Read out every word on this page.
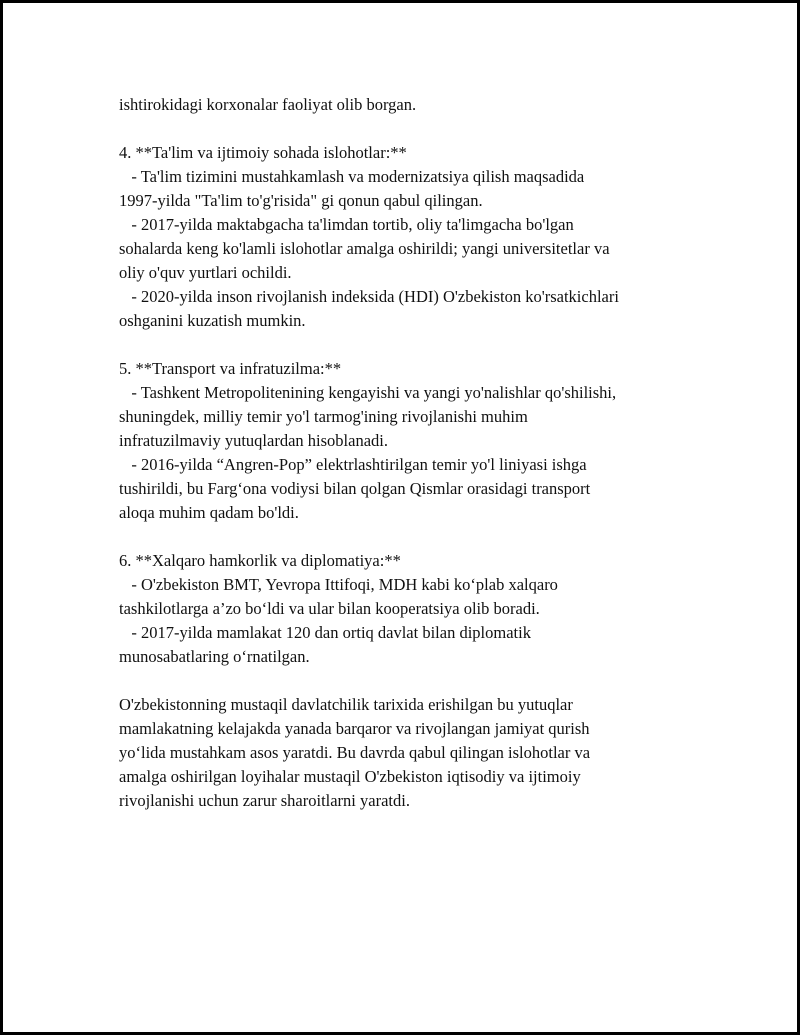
ishtirokidagi korxonalar faoliyat olib borgan.

4. **Ta'lim va ijtimoiy sohada islohotlar:**

- Ta'lim tizimini mustahkamlash va modernizatsiya qilish maqsadida

1997-yilda "Ta'lim to'g'risida" gi qonun qabul qilingan.

- 2017-yilda maktabgacha ta'limdan tortib, oliy ta'limgacha bo'lgan

sohalarda keng ko'lamli islohotlar amalga oshirildi; yangi universitetlar va

oliy o'quv yurtlari ochildi.

- 2020-yilda inson rivojlanish indeksida (HDI) O'zbekiston ko'rsatkichlari

oshganini kuzatish mumkin.

5. **Transport va infratuzilma:**

- Tashkent Metropolitenining kengayishi va yangi yo'nalishlar qo'shilishi,

shuningdek, milliy temir yo'l tarmog'ining rivojlanishi muhim

infratuzilmaviy yutuqlardan hisoblanadi.

- 2016-yilda “Angren-Pop” elektrlashtirilgan temir yo'l liniyasi ishga

tushirildi, bu Farg‘ona vodiysi bilan qolgan Qismlar orasidagi transport

aloqa muhim qadam bo'ldi.

6. **Xalqaro hamkorlik va diplomatiya:**

- O'zbekiston BMT, Yevropa Ittifoqi, MDH kabi ko‘plab xalqaro

tashkilotlarga a’zo bo‘ldi va ular bilan kooperatsiya olib boradi.

- 2017-yilda mamlakat 120 dan ortiq davlat bilan diplomatik

munosabatlaring o‘rnatilgan.

O'zbekistonning mustaqil davlatchilik tarixida erishilgan bu yutuqlar

mamlakatning kelajakda yanada barqaror va rivojlangan jamiyat qurish

yo‘lida mustahkam asos yaratdi. Bu davrda qabul qilingan islohotlar va

amalga oshirilgan loyihalar mustaqil O'zbekiston iqtisodiy va ijtimoiy

rivojlanishi uchun zarur sharoitlarni yaratdi.
